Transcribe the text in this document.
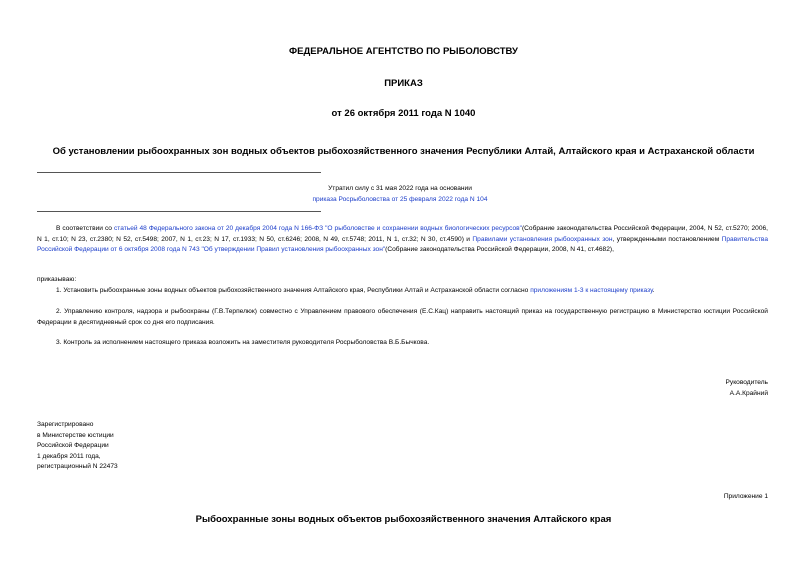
ФЕДЕРАЛЬНОЕ АГЕНТСТВО ПО РЫБОЛОВСТВУ
ПРИКАЗ
от 26 октября 2011 года N 1040
Об установлении рыбоохранных зон водных объектов рыбохозяйственного значения Республики Алтай, Алтайского края и Астраханской области
Утратил силу с 31 мая 2022 года на основании
приказа Росрыболовства от 25 февраля 2022 года N 104
В соответствии со статьей 48 Федерального закона от 20 декабря 2004 года N 166-ФЗ "О рыболовстве и сохранении водных биологических ресурсов"(Собрание законодательства Российской Федерации, 2004, N 52, ст.5270; 2006, N 1, ст.10; N 23, ст.2380; N 52, ст.5498; 2007, N 1, ст.23; N 17, ст.1933; N 50, ст.6246; 2008, N 49, ст.5748; 2011, N 1, ст.32; N 30, ст.4590) и Правилами установления рыбоохранных зон, утвержденными постановлением Правительства Российской Федерации от 6 октября 2008 года N 743 "Об утверждении Правил установления рыбоохранных зон"(Собрание законодательства Российской Федерации, 2008, N 41, ст.4682),
приказываю:
1. Установить рыбоохранные зоны водных объектов рыбохозяйственного значения Алтайского края, Республики Алтай и Астраханской области согласно приложениям 1-3 к настоящему приказу.
2. Управлению контроля, надзора и рыбоохраны (Г.В.Терпелюк) совместно с Управлением правового обеспечения (Е.С.Кац) направить настоящий приказ на государственную регистрацию в Министерство юстиции Российской Федерации в десятидневный срок со дня его подписания.
3. Контроль за исполнением настоящего приказа возложить на заместителя руководителя Росрыболовства В.Б.Бычкова.
Руководитель
А.А.Крайний
Зарегистрировано
в Министерстве юстиции
Российской Федерации
1 декабря 2011 года,
регистрационный N 22473
Приложение 1
Рыбоохранные зоны водных объектов рыбохозяйственного значения Алтайского края
